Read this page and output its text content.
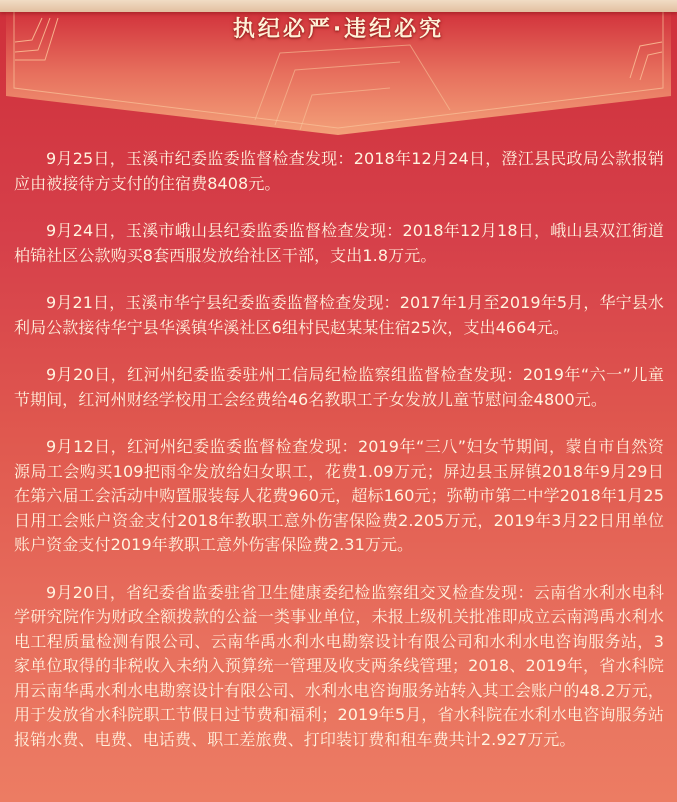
执纪必严·违纪必究

9月25日，玉溪市纪委监委监督检查发现：2018年12月24日，澄江县民政局公款报销应由被接待方支付的住宿费8408元。

9月24日，玉溪市峨山县纪委监委监督检查发现：2018年12月18日，峨山县双江街道柏锦社区公款购买8套西服发放给社区干部，支出1.8万元。

9月21日，玉溪市华宁县纪委监委监督检查发现：2017年1月至2019年5月，华宁县水利局公款接待华宁县华溪镇华溪社区6组村民赵某某住宿25次，支出4664元。

9月20日，红河州纪委监委驻州工信局纪检监察组监督检查发现：2019年“六一”儿童节期间，红河州财经学校用工会经费给46名教职工子女发放儿童节慰问金4800元。

9月12日，红河州纪委监委监督检查发现：2019年“三八”妇女节期间，蒙自市自然资源局工会购买109把雨伞发放给妇女职工，花费1.09万元；屏边县玉屏镇2018年9月29日在第六届工会活动中购置服装每人花费960元，超标160元；弥勒市第二中学2018年1月25日用工会账户资金支付2018年教职工意外伤害保险费2.205万元，2019年3月22日用单位账户资金支付2019年教职工意外伤害保险费2.31万元。

9月20日，省纪委省监委驻省卫生健康委纪检监察组交叉检查发现：云南省水利水电科学研究院作为财政全额拨款的公益一类事业单位，未报上级机关批准即成立云南鸿禹水利水电工程质量检测有限公司、云南华禹水利水电勘察设计有限公司和水利水电咨询服务站，3家单位取得的非税收入未纳入预算统一管理及收支两条线管理；2018、2019年，省水科院用云南华禹水利水电勘察设计有限公司、水利水电咨询服务站转入其工会账户的48.2万元，用于发放省水科院职工节假日过节费和福利；2019年5月，省水科院在水利水电咨询服务站报销水费、电费、电话费、职工差旅费、打印装订费和租车费共计2.927万元。
